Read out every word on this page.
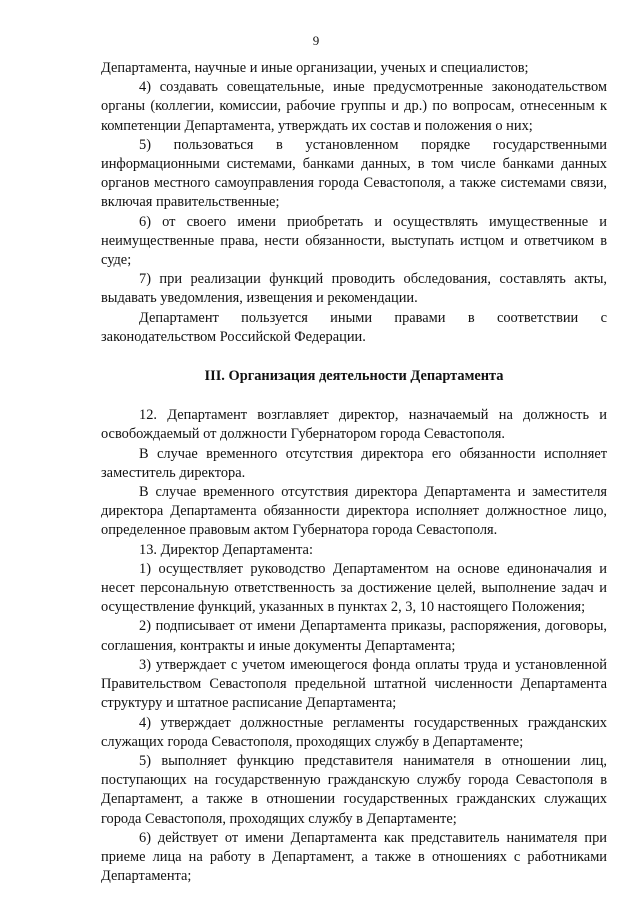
9

Департамента, научные и иные организации, ученых и специалистов;

4) создавать совещательные, иные предусмотренные законодательством органы (коллегии, комиссии, рабочие группы и др.) по вопросам, отнесенным к компетенции Департамента, утверждать их состав и положения о них;

5) пользоваться в установленном порядке государственными информационными системами, банками данных, в том числе банками данных органов местного самоуправления города Севастополя, а также системами связи, включая правительственные;

6) от своего имени приобретать и осуществлять имущественные и неимущественные права, нести обязанности, выступать истцом и ответчиком в суде;

7) при реализации функций проводить обследования, составлять акты, выдавать уведомления, извещения и рекомендации.

Департамент пользуется иными правами в соответствии с законодательством Российской Федерации.

III. Организация деятельности Департамента

12. Департамент возглавляет директор, назначаемый на должность и освобождаемый от должности Губернатором города Севастополя.

В случае временного отсутствия директора его обязанности исполняет заместитель директора.

В случае временного отсутствия директора Департамента и заместителя директора Департамента обязанности директора исполняет должностное лицо, определенное правовым актом Губернатора города Севастополя.

13. Директор Департамента:

1) осуществляет руководство Департаментом на основе единоначалия и несет персональную ответственность за достижение целей, выполнение задач и осуществление функций, указанных в пунктах 2, 3, 10 настоящего Положения;

2) подписывает от имени Департамента приказы, распоряжения, договоры, соглашения, контракты и иные документы Департамента;

3) утверждает с учетом имеющегося фонда оплаты труда и установленной Правительством Севастополя предельной штатной численности Департамента структуру и штатное расписание Департамента;

4) утверждает должностные регламенты государственных гражданских служащих города Севастополя, проходящих службу в Департаменте;

5) выполняет функцию представителя нанимателя в отношении лиц, поступающих на государственную гражданскую службу города Севастополя в Департамент, а также в отношении государственных гражданских служащих города Севастополя, проходящих службу в Департаменте;

6) действует от имени Департамента как представитель нанимателя при приеме лица на работу в Департамент, а также в отношениях с работниками Департамента;
